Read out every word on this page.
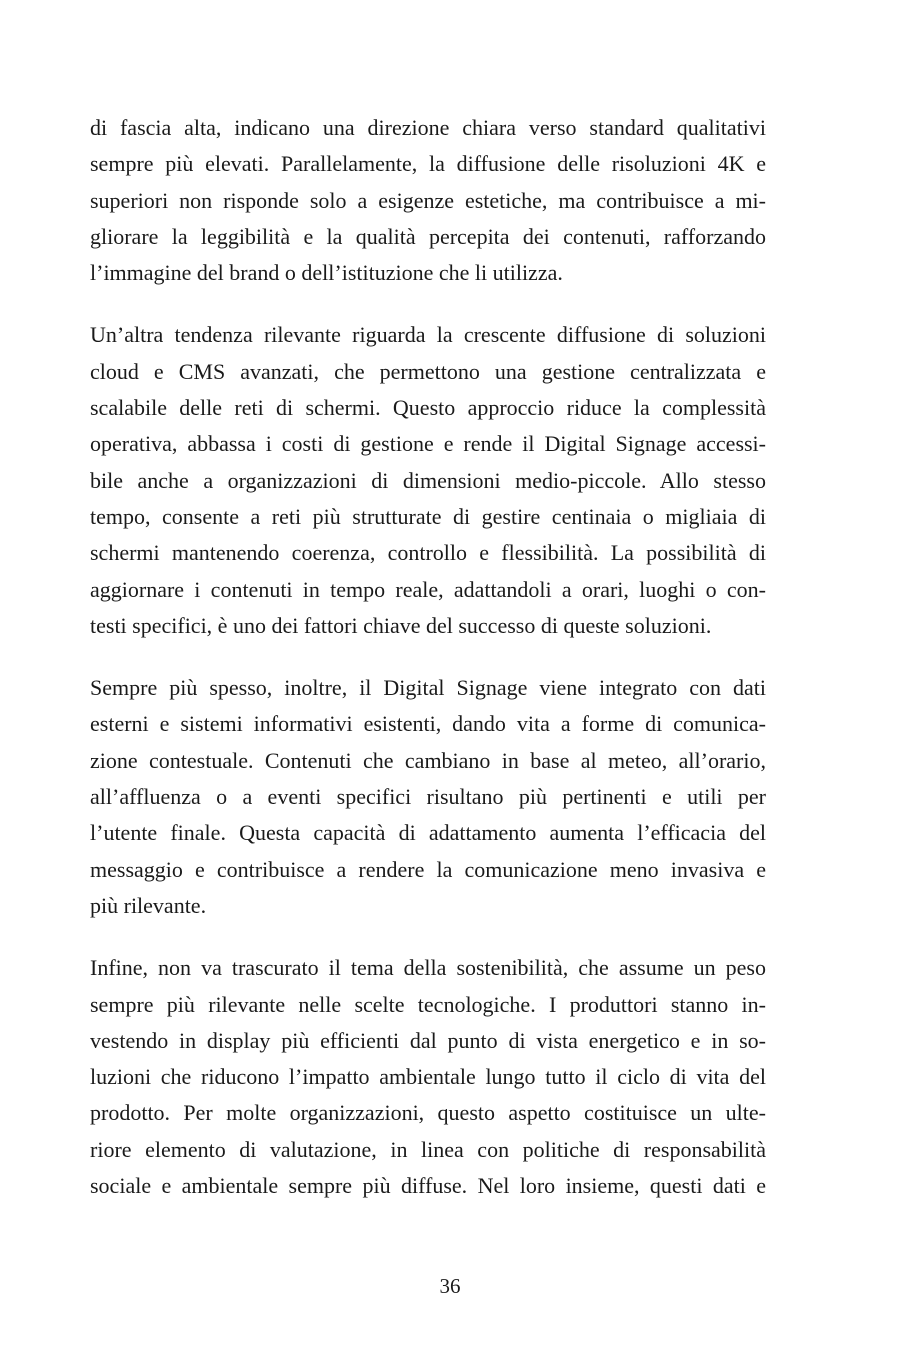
di fascia alta, indicano una direzione chiara verso standard qualitativi
sempre più elevati. Parallelamente, la diffusione delle risoluzioni 4K e
superiori non risponde solo a esigenze estetiche, ma contribuisce a mi-
gliorare la leggibilità e la qualità percepita dei contenuti, rafforzando
l’immagine del brand o dell’istituzione che li utilizza.

Un’altra tendenza rilevante riguarda la crescente diffusione di soluzioni
cloud e CMS avanzati, che permettono una gestione centralizzata e
scalabile delle reti di schermi. Questo approccio riduce la complessità
operativa, abbassa i costi di gestione e rende il Digital Signage accessi-
bile anche a organizzazioni di dimensioni medio-piccole. Allo stesso
tempo, consente a reti più strutturate di gestire centinaia o migliaia di
schermi mantenendo coerenza, controllo e flessibilità. La possibilità di
aggiornare i contenuti in tempo reale, adattandoli a orari, luoghi o con-
testi specifici, è uno dei fattori chiave del successo di queste soluzioni.

Sempre più spesso, inoltre, il Digital Signage viene integrato con dati
esterni e sistemi informativi esistenti, dando vita a forme di comunica-
zione contestuale. Contenuti che cambiano in base al meteo, all’orario,
all’affluenza o a eventi specifici risultano più pertinenti e utili per
l’utente finale. Questa capacità di adattamento aumenta l’efficacia del
messaggio e contribuisce a rendere la comunicazione meno invasiva e
più rilevante.

Infine, non va trascurato il tema della sostenibilità, che assume un peso
sempre più rilevante nelle scelte tecnologiche. I produttori stanno in-
vestendo in display più efficienti dal punto di vista energetico e in so-
luzioni che riducono l’impatto ambientale lungo tutto il ciclo di vita del
prodotto. Per molte organizzazioni, questo aspetto costituisce un ulte-
riore elemento di valutazione, in linea con politiche di responsabilità
sociale e ambientale sempre più diffuse. Nel loro insieme, questi dati e

36
